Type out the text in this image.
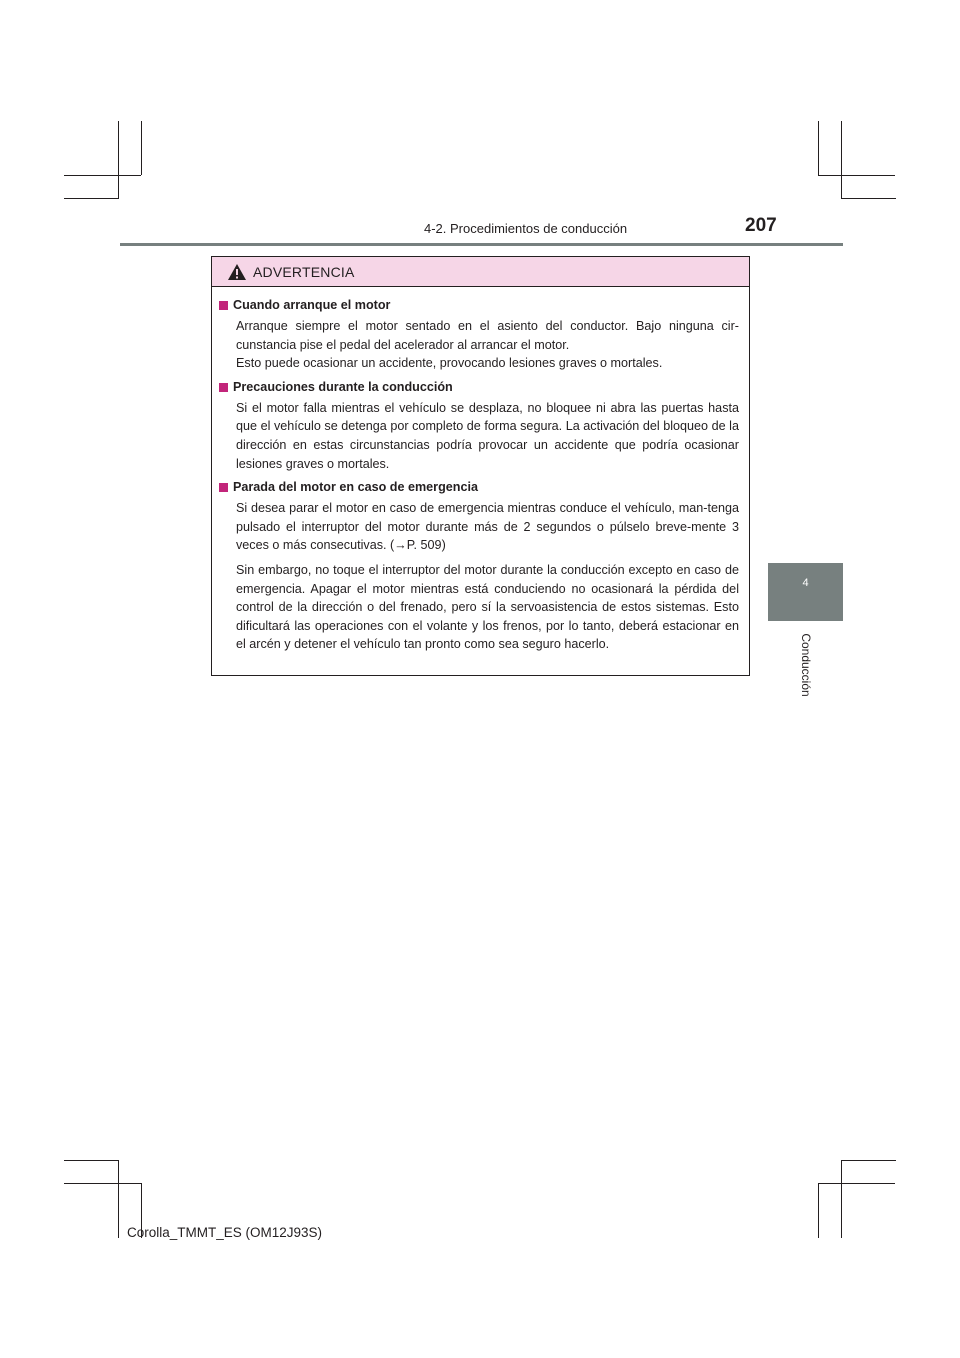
4-2. Procedimientos de conducción	207
4
Conducción
ADVERTENCIA
Cuando arranque el motor

Arranque siempre el motor sentado en el asiento del conductor. Bajo ninguna cir-cunstancia pise el pedal del acelerador al arrancar el motor.

Esto puede ocasionar un accidente, provocando lesiones graves o mortales.

Precauciones durante la conducción

Si el motor falla mientras el vehículo se desplaza, no bloquee ni abra las puertas hasta que el vehículo se detenga por completo de forma segura. La activación del bloqueo de la dirección en estas circunstancias podría provocar un accidente que podría ocasionar lesiones graves o mortales.

Parada del motor en caso de emergencia

Si desea parar el motor en caso de emergencia mientras conduce el vehículo, man-tenga pulsado el interruptor del motor durante más de 2 segundos o púlselo breve-mente 3 veces o más consecutivas. (→P. 509)

Sin embargo, no toque el interruptor del motor durante la conducción excepto en caso de emergencia. Apagar el motor mientras está conduciendo no ocasionará la pérdida del control de la dirección o del frenado, pero sí la servoasistencia de estos sistemas. Esto dificultará las operaciones con el volante y los frenos, por lo tanto, deberá estacionar en el arcén y detener el vehículo tan pronto como sea seguro hacerlo.

Corolla_TMMT_ES (OM12J93S)
